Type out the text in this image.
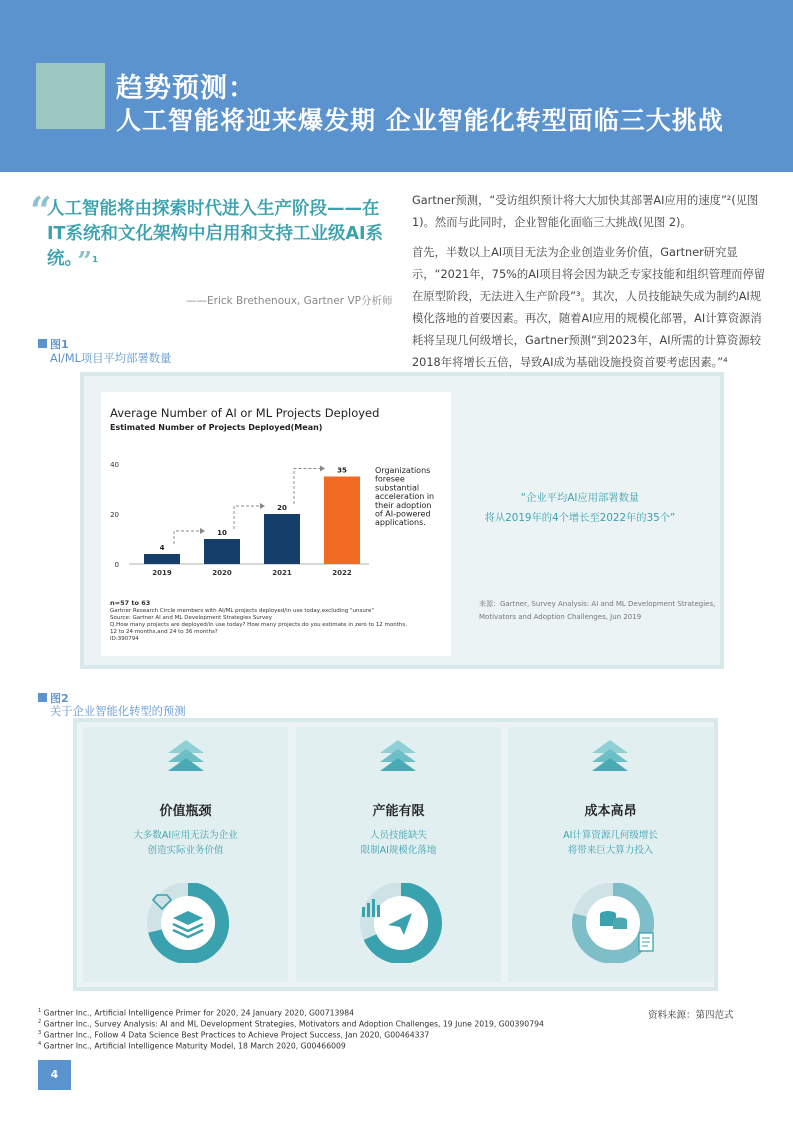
趋势预测：
人工智能将迎来爆发期 企业智能化转型面临三大挑战
“
人工智能将由探索时代进入生产阶段——在IT系统和文化架构中启用和支持工业级AI系统。 ”$^1$
——Erick Brethenoux, Gartner VP分析师
Gartner预测，“受访组织预计将大大加快其部署AI应用的速度”²(见图1)。然而与此同时，企业智能化面临三大挑战(见图 2)。
首先，半数以上AI项目无法为企业创造业务价值，Gartner研究显示，“2021年，75%的AI项目将会因为缺乏专家技能和组织管理而停留在原型阶段，无法进入生产阶段”³。其次，人员技能缺失成为制约AI规模化落地的首要因素。再次，随着AI应用的规模化部署，AI计算资源消耗将呈现几何级增长，Gartner预测“到2023年，AI所需的计算资源较2018年将增长五倍，导致AI成为基础设施投资首要考虑因素。”⁴
图1
AI/ML项目平均部署数量
Average Number of AI or ML Projects Deployed
Estimated Number of Projects Deployed(Mean)
0
20
40
4
2019
10
2020
20
2021
35
2022
Organizations
foresee
substantial
acceleration in
their adoption
of AI-powered
applications.
n=57 to 63
Gartner Research Circle members with AI/ML projects deployed/in use today,excluding "unsure"
Source: Gartner AI and ML Development Strategies Survey
Q.How many projects are deployed/in use today? How many projects do you estimate in zero to 12 months,
12 to 24 months,and 24 to 36 months?
ID:390794
“企业平均AI应用部署数量
将从2019年的4个增长至2022年的35个”
来源：Gartner, Survey Analysis: AI and ML Development Strategies,
Motivators and Adoption Challenges, Jun 2019
图2
关于企业智能化转型的预测
价值瓶颈
大多数AI应用无法为企业
创造实际业务价值
产能有限
人员技能缺失
限制AI规模化落地
成本高昂
AI计算资源几何级增长
将带来巨大算力投入
$^1$ Gartner Inc., Artificial Intelligence Primer for 2020, 24 January 2020, G00713984
$^2$ Gartner Inc., Survey Analysis: AI and ML Development Strategies, Motivators and Adoption Challenges, 19 June 2019, G00390794
$^3$ Gartner Inc., Follow 4 Data Science Best Practices to Achieve Project Success, Jan 2020, G00464337
$^4$ Gartner Inc., Artificial Intelligence Maturity Model, 18 March 2020, G00466009
资料来源：第四范式
4
